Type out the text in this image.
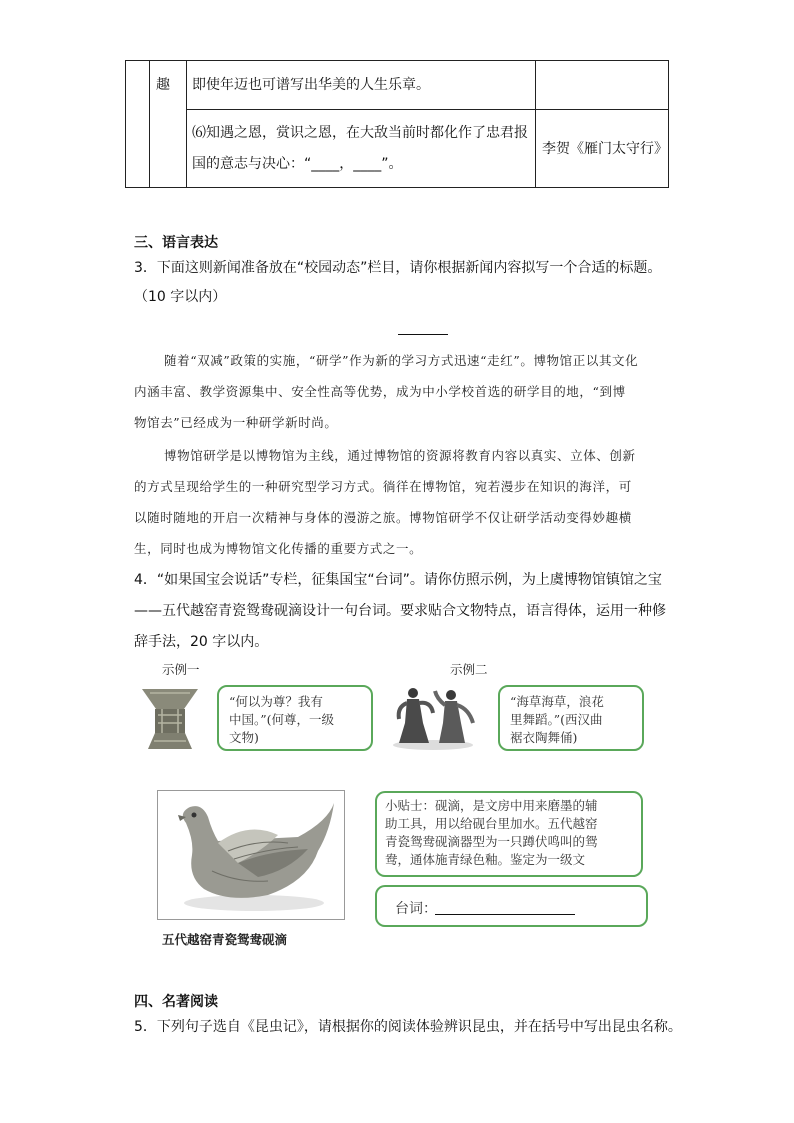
趣 即使年迈也可谱写出华美的人生乐章。
⑹知遇之恩，赏识之恩，在大敌当前时都化作了忠君报
国的意志与决心：“____，____”。
李贺《雁门太守行》
三、语言表达
3．下面这则新闻准备放在“校园动态”栏目，请你根据新闻内容拟写一个合适的标题。
（10 字以内）
随着“双减”政策的实施，“研学”作为新的学习方式迅速“走红”。博物馆正以其文化
内涵丰富、教学资源集中、安全性高等优势，成为中小学校首选的研学目的地，“到博
物馆去”已经成为一种研学新时尚。
博物馆研学是以博物馆为主线，通过博物馆的资源将教育内容以真实、立体、创新
的方式呈现给学生的一种研究型学习方式。徜徉在博物馆，宛若漫步在知识的海洋，可
以随时随地的开启一次精神与身体的漫游之旅。博物馆研学不仅让研学活动变得妙趣横
生，同时也成为博物馆文化传播的重要方式之一。
4．“如果国宝会说话”专栏，征集国宝“台词”。请你仿照示例，为上虞博物馆镇馆之宝
——五代越窑青瓷鸳鸯砚滴设计一句台词。要求贴合文物特点，语言得体，运用一种修
辞手法，20 字以内。
示例一	示例二
“何以为尊？我有
中国。”(何尊，一级
文物)
“海草海草，浪花
里舞蹈。”(西汉曲
裾衣陶舞俑)
五代越窑青瓷鸳鸯砚滴
小贴士：砚滴，是文房中用来磨墨的辅
助工具，用以给砚台里加水。五代越窑
青瓷鸳鸯砚滴器型为一只蹲伏鸣叫的鸳
鸯，通体施青绿色釉。鉴定为一级文
台词：
四、名著阅读
5．下列句子选自《昆虫记》，请根据你的阅读体验辨识昆虫，并在括号中写出昆虫名称。
